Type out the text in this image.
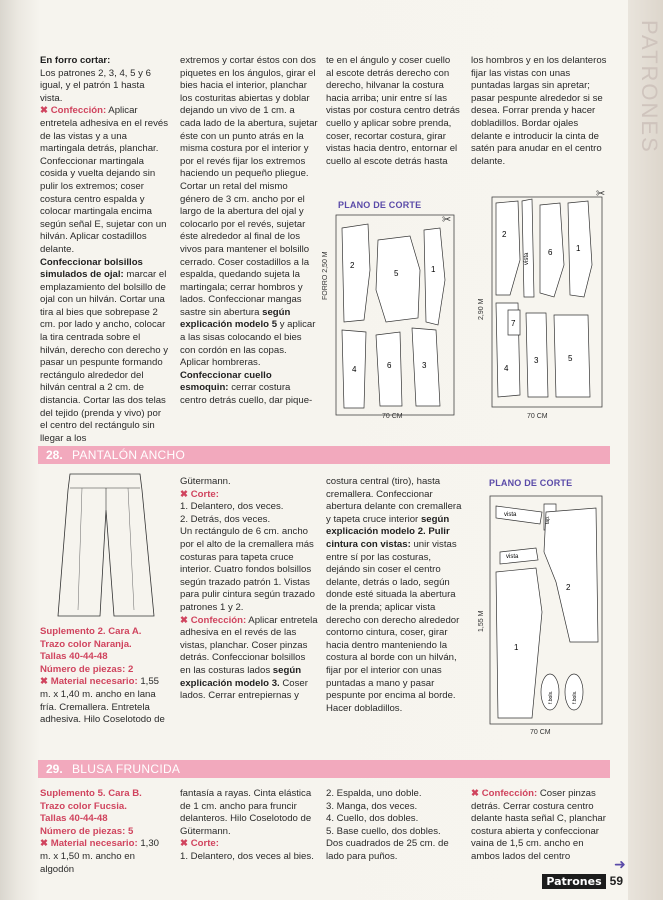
PATRONES

En forro cortar:

Los patrones 2, 3, 4, 5 y 6 igual, y el patrón 1 hasta vista.

✖ Confección: Aplicar entretela adhesiva en el revés de las vistas y a una martingala detrás, planchar. Confeccionar martingala cosida y vuelta dejando sin pulir los extremos; coser costura centro espalda y colocar martingala encima según señal E, sujetar con un hilván. Aplicar costadillos delante.

Confeccionar bolsillos simulados de ojal: marcar el emplazamiento del bolsillo de ojal con un hilván. Cortar una tira al bies que sobrepase 2 cm. por lado y ancho, colocar la tira centrada sobre el hilván, derecho con derecho y pasar un pespunte formando rectángulo alrededor del hilván central a 2 cm. de distancia. Cortar las dos telas del tejido (prenda y vivo) por el centro del rectángulo sin llegar a los

extremos y cortar éstos con dos piquetes en los ángulos, girar el bies hacia el interior, planchar los costuritas abiertas y doblar dejando un vivo de 1 cm. a cada lado de la abertura, sujetar éste con un punto atrás en la misma costura por el interior y por el revés fijar los extremos haciendo un pequeño pliegue. Cortar un retal del mismo género de 3 cm. ancho por el largo de la abertura del ojal y colocarlo por el revés, sujetar éste alrededor al final de los vivos para mantener el bolsillo cerrado. Coser costadillos a la espalda, quedando sujeta la martingala; cerrar hombros y lados. Confeccionar mangas sastre sin abertura según explicación modelo 5 y aplicar a las sisas colocando el bies con cordón en las copas. Aplicar hombreras. Confeccionar cuello esmoquin: cerrar costura centro detrás cuello, dar pique-

te en el ángulo y coser cuello al escote detrás derecho con derecho, hilvanar la costura hacia arriba; unir entre sí las vistas por costura centro detrás cuello y aplicar sobre prenda, coser, recortar costura, girar vistas hacia dentro, entornar el cuello al escote detrás hasta

los hombros y en los delanteros fijar las vistas con unas puntadas largas sin apretar; pasar pespunte alrededor si se desea. Forrar prenda y hacer dobladillos. Bordar ojales delante e introducir la cinta de satén para anudar en el centro delante.

PLANO DE CORTE
2
5	1
4	6	3
✂
FORRO 2,50 M
70 CM
2
vista
6	1
7
4
3	5
✂
2,90 M
70 CM
28. PANTALÓN ANCHO

Suplemento 2. Cara A.

Trazo color Naranja.

Tallas 40-44-48

Número de piezas: 2

✖ Material necesario: 1,55 m. x 1,40 m. ancho en lana fría. Cremallera. Entretela adhesiva. Hilo Coselotodo de

Gütermann.

✖ Corte:

1. Delantero, dos veces.

2. Detrás, dos veces.

Un rectángulo de 6 cm. ancho por el alto de la cremallera más costuras para tapeta cruce interior. Cuatro fondos bolsillos según trazado patrón 1. Vistas para pulir cintura según trazado patrones 1 y 2.

✖ Confección: Aplicar entretela adhesiva en el revés de las vistas, planchar. Coser pinzas detrás. Confeccionar bolsillos en las costuras lados según explicación modelo 3. Coser lados. Cerrar entrepiernas y

costura central (tiro), hasta cremallera. Confeccionar abertura delante con cremallera y tapeta cruce interior según explicación modelo 2. Pulir cintura con vistas: unir vistas entre sí por las costuras, dejándo sin coser el centro delante, detrás o lado, según donde esté situada la abertura de la prenda; aplicar vista derecho con derecho alrededor contorno cintura, coser, girar hacia dentro manteniendo la costura al borde con un hilván, fijar por el interior con unas puntadas a mano y pasar pespunte por encima al borde. Hacer dobladillos.

PLANO DE CORTE
vista
tap.
vista
2
1
f.bols.	f.bols.
1,55 M
70 CM
29. BLUSA FRUNCIDA

Suplemento 5. Cara B.

Trazo color Fucsia.

Tallas 40-44-48

Número de piezas: 5

✖ Material necesario: 1,30 m. x 1,50 m. ancho en algodón

fantasía a rayas. Cinta elástica de 1 cm. ancho para fruncir delanteros. Hilo Coselotodo de Gütermann.

✖ Corte:

1. Delantero, dos veces al bies.

2. Espalda, uno doble.

3. Manga, dos veces.

4. Cuello, dos dobles.

5. Base cuello, dos dobles.

Dos cuadrados de 25 cm. de lado para puños.

✖ Confección: Coser pinzas detrás. Cerrar costura centro delante hasta señal C, planchar costura abierta y confeccionar vaina de 1,5 cm. ancho en ambos lados del centro	➜
Patrones 59
